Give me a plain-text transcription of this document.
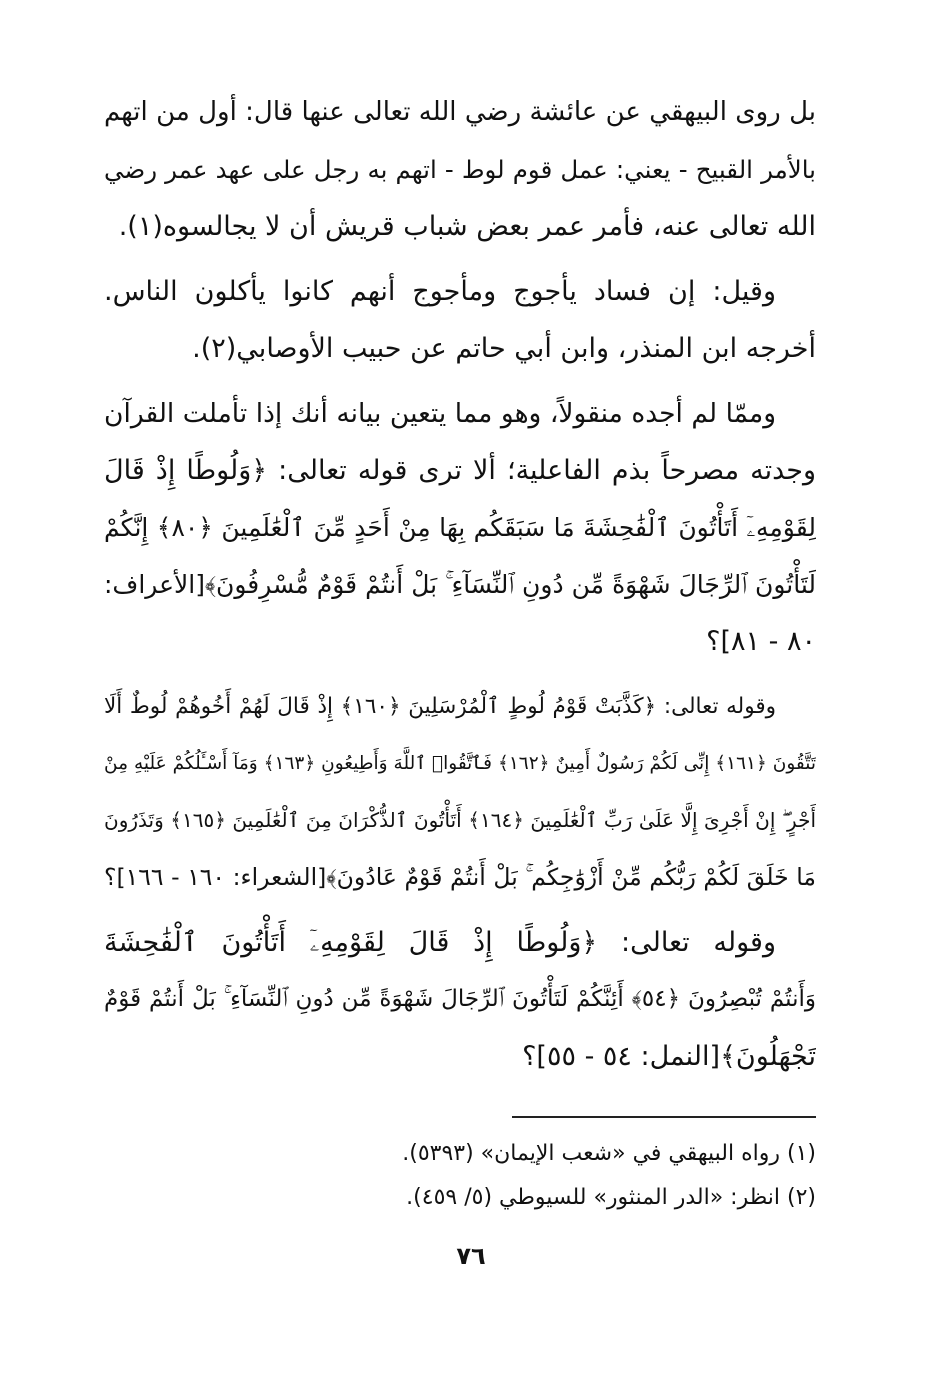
بل روى البيهقي عن عائشة رضي الله تعالى عنها قال: أول من اتهم
بالأمر القبيح - يعني: عمل قوم لوط - اتهم به رجل على عهد عمر رضي
الله تعالى عنه، فأمر عمر بعض شباب قريش أن لا يجالسوه(١).
وقيل: إن فساد يأجوج ومأجوج أنهم كانوا يأكلون الناس.
أخرجه ابن المنذر، وابن أبي حاتم عن حبيب الأوصابي(٢).
وممّا لم أجده منقولاً، وهو مما يتعين بيانه أنك إذا تأملت القرآن
وجدته مصرحاً بذم الفاعلية؛ ألا ترى قوله تعالى: ﴿وَلُوطًا إِذْ قَالَ
لِقَوْمِهِۦٓ أَتَأْتُونَ ٱلْفَٰحِشَةَ مَا سَبَقَكُم بِهَا مِنْ أَحَدٍ مِّنَ ٱلْعَٰلَمِينَ ﴿٨٠﴾ إِنَّكُمْ
لَتَأْتُونَ ٱلرِّجَالَ شَهْوَةً مِّن دُونِ ٱلنِّسَآءِ ۚ بَلْ أَنتُمْ قَوْمٌ مُّسْرِفُونَ﴾[الأعراف:
٨٠ - ٨١]؟
وقوله تعالى: ﴿كَذَّبَتْ قَوْمُ لُوطٍ ٱلْمُرْسَلِينَ ﴿١٦٠﴾ إِذْ قَالَ لَهُمْ أَخُوهُمْ لُوطٌ أَلَا
تَتَّقُونَ ﴿١٦١﴾ إِنِّى لَكُمْ رَسُولٌ أَمِينٌ ﴿١٦٢﴾ فَٱتَّقُوا۟ ٱللَّهَ وَأَطِيعُونِ ﴿١٦٣﴾ وَمَآ أَسْـَٔلُكُمْ عَلَيْهِ مِنْ
أَجْرٍ ۖ إِنْ أَجْرِىَ إِلَّا عَلَىٰ رَبِّ ٱلْعَٰلَمِينَ ﴿١٦٤﴾ أَتَأْتُونَ ٱلذُّكْرَانَ مِنَ ٱلْعَٰلَمِينَ ﴿١٦٥﴾ وَتَذَرُونَ
مَا خَلَقَ لَكُمْ رَبُّكُم مِّنْ أَزْوَٰجِكُم ۚ بَلْ أَنتُمْ قَوْمٌ عَادُونَ﴾[الشعراء: ١٦٠ - ١٦٦]؟
وقوله تعالى: ﴿وَلُوطًا إِذْ قَالَ لِقَوْمِهِۦٓ أَتَأْتُونَ ٱلْفَٰحِشَةَ
وَأَنتُمْ تُبْصِرُونَ ﴿٥٤﴾ أَئِنَّكُمْ لَتَأْتُونَ ٱلرِّجَالَ شَهْوَةً مِّن دُونِ ٱلنِّسَآءِ ۚ بَلْ أَنتُمْ قَوْمٌ
تَجْهَلُونَ﴾[النمل: ٥٤ - ٥٥]؟
(١) رواه البيهقي في «شعب الإيمان» (٥٣٩٣).
(٢) انظر: «الدر المنثور» للسيوطي (٥/ ٤٥٩).
٧٦
